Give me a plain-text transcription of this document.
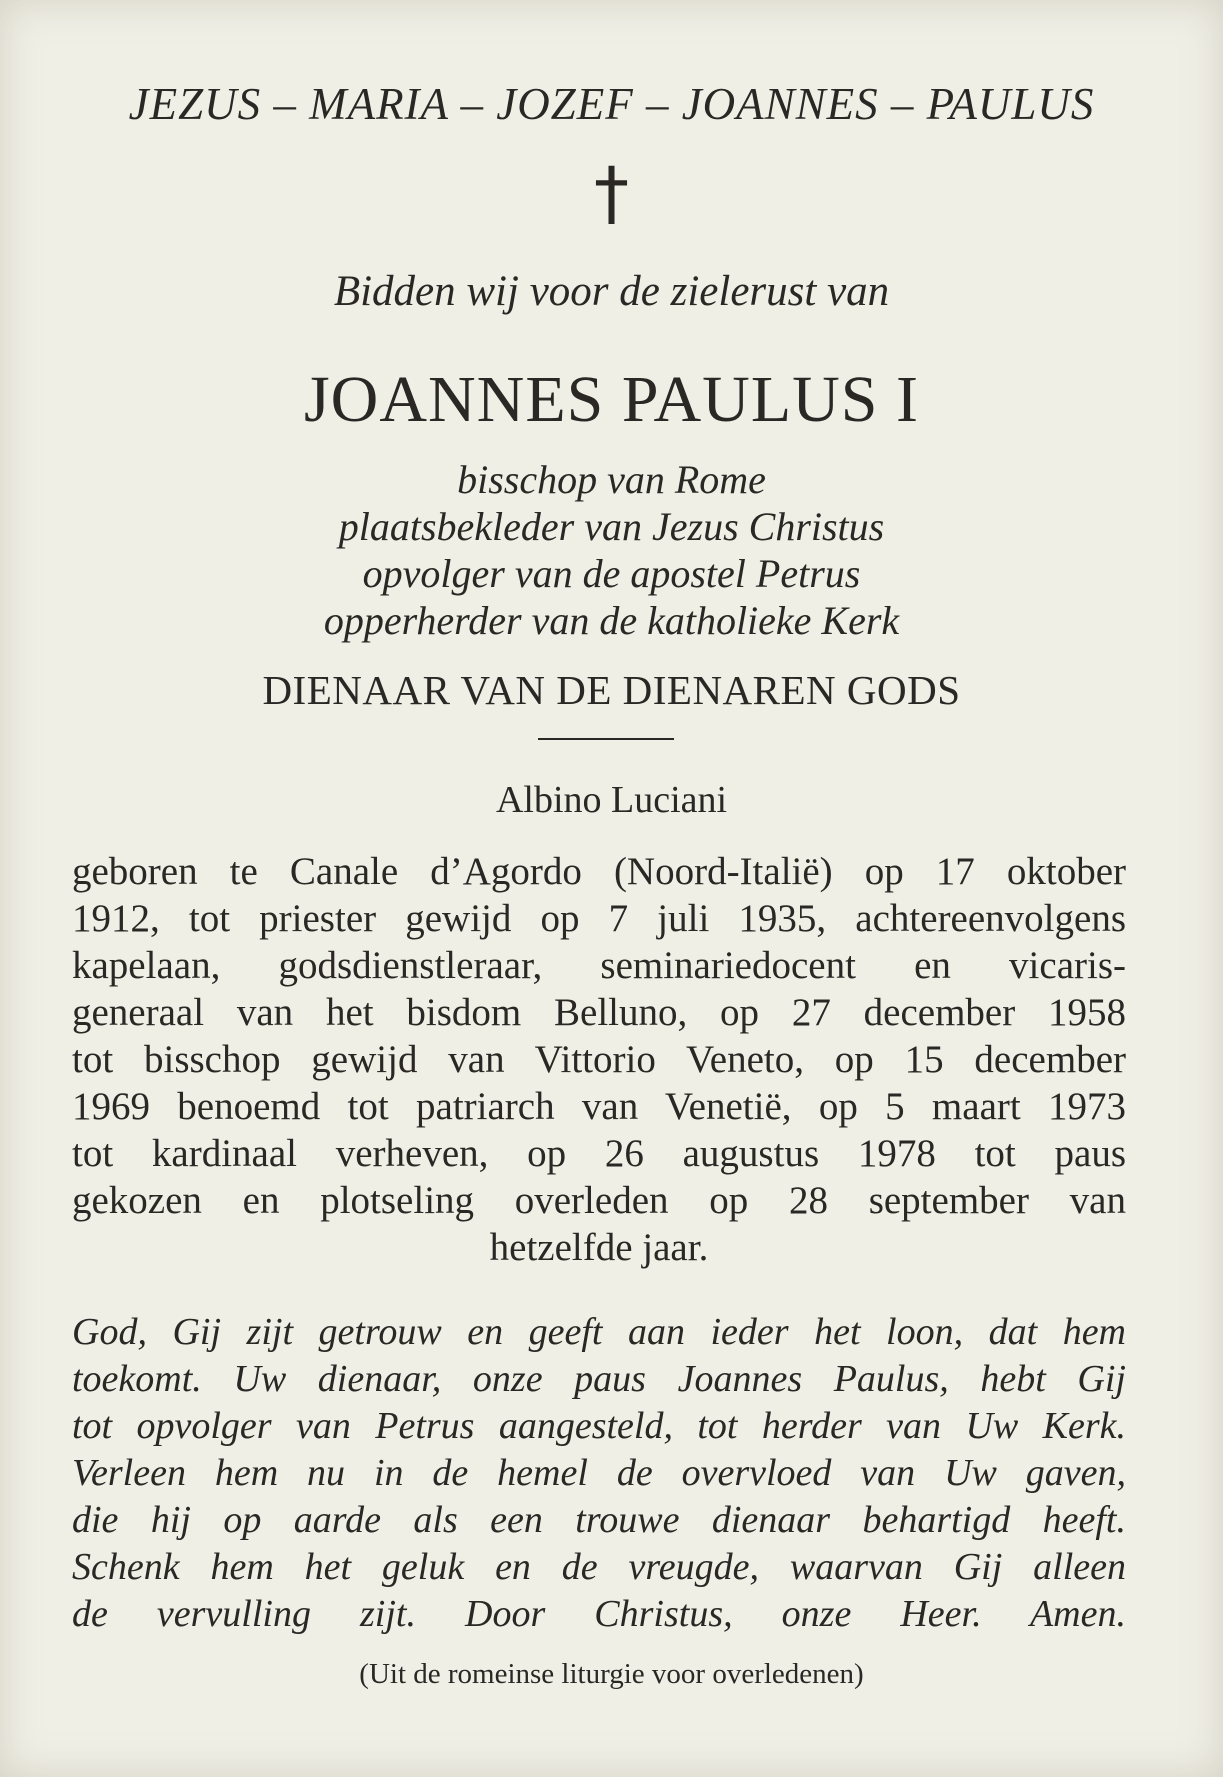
JEZUS – MARIA – JOZEF – JOANNES – PAULUS
†
Bidden wij voor de zielerust van
JOANNES PAULUS I
bisschop van Rome
plaatsbekleder van Jezus Christus
opvolger van de apostel Petrus
opperherder van de katholieke Kerk
DIENAAR VAN DE DIENAREN GODS
Albino Luciani
geboren te Canale d’Agordo (Noord-Italië) op 17 oktober
1912, tot priester gewijd op 7 juli 1935, achtereenvolgens
kapelaan, godsdienstleraar, seminariedocent en vicaris-
generaal van het bisdom Belluno, op 27 december 1958
tot bisschop gewijd van Vittorio Veneto, op 15 december
1969 benoemd tot patriarch van Venetië, op 5 maart 1973
tot kardinaal verheven, op 26 augustus 1978 tot paus
gekozen en plotseling overleden op 28 september van
hetzelfde jaar.
God, Gij zijt getrouw en geeft aan ieder het loon, dat hem
toekomt. Uw dienaar, onze paus Joannes Paulus, hebt Gij
tot opvolger van Petrus aangesteld, tot herder van Uw Kerk.
Verleen hem nu in de hemel de overvloed van Uw gaven,
die hij op aarde als een trouwe dienaar behartigd heeft.
Schenk hem het geluk en de vreugde, waarvan Gij alleen
de vervulling zijt. Door Christus, onze Heer. Amen.
(Uit de romeinse liturgie voor overledenen)
